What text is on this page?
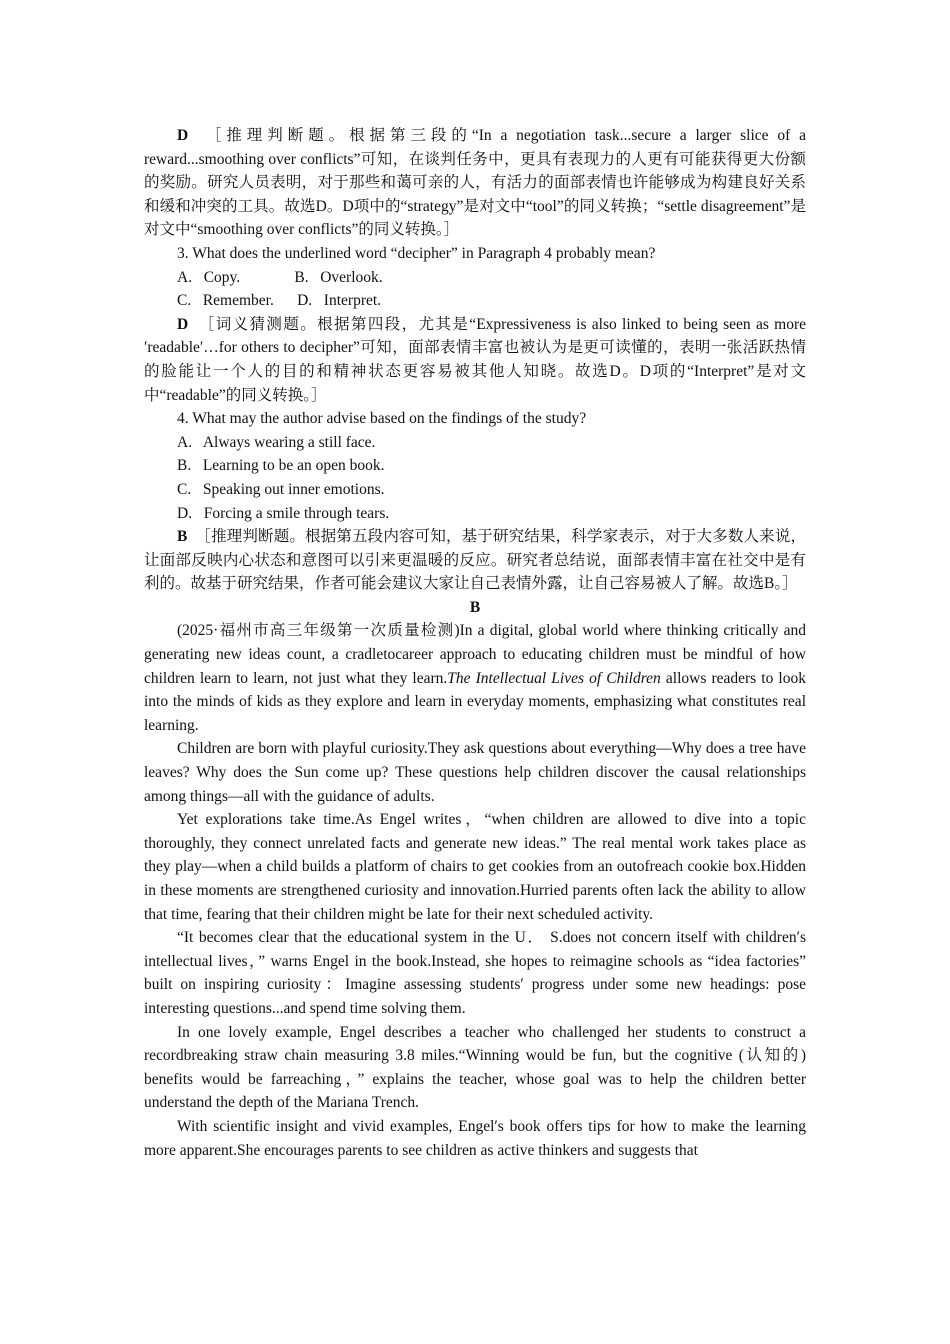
D ［推理判断题。根据第三段的“In a negotiation task...secure a larger slice of a reward...smoothing over conflicts”可知，在谈判任务中，更具有表现力的人更有可能获得更大份额的奖励。研究人员表明，对于那些和蔼可亲的人，有活力的面部表情也许能够成为构建良好关系和缓和冲突的工具。故选D。D项中的“strategy”是对文中“tool”的同义转换；“settle disagreement”是对文中“smoothing over conflicts”的同义转换。］

3. What does the underlined word “decipher” in Paragraph 4 probably mean?

A.   Copy.              B.   Overlook.

C.   Remember.      D.   Interpret.

D ［词义猜测题。根据第四段，尤其是“Expressiveness is also linked to being seen as more ′readable′…for others to decipher”可知，面部表情丰富也被认为是更可读懂的，表明一张活跃热情的脸能让一个人的目的和精神状态更容易被其他人知晓。故选D。D项的“Interpret”是对文中“readable”的同义转换。］

4. What may the author advise based on the findings of the study?

A.   Always wearing a still face.

B.   Learning to be an open book.

C.   Speaking out inner emotions.

D.   Forcing a smile through tears.

B ［推理判断题。根据第五段内容可知，基于研究结果，科学家表示，对于大多数人来说，让面部反映内心状态和意图可以引来更温暖的反应。研究者总结说，面部表情丰富在社交中是有利的。故基于研究结果，作者可能会建议大家让自己表情外露，让自己容易被人了解。故选B。］

B

(2025·福州市高三年级第一次质量检测)In a digital, global world where thinking critically and generating new ideas count, a cradletocareer approach to educating children must be mindful of how children learn to learn, not just what they learn.The Intellectual Lives of Children allows readers to look into the minds of kids as they explore and learn in everyday moments, emphasizing what constitutes real learning.

Children are born with playful curiosity.They ask questions about everything—Why does a tree have leaves? Why does the Sun come up? These questions help children discover the causal relationships among things—all with the guidance of adults.

Yet explorations take time.As Engel writes，“when children are allowed to dive into a topic thoroughly, they connect unrelated facts and generate new ideas.” The real mental work takes place as they play—when a child builds a platform of chairs to get cookies from an outofreach cookie box.Hidden in these moments are strengthened curiosity and innovation.Hurried parents often lack the ability to allow that time, fearing that their children might be late for their next scheduled activity.

“It becomes clear that the educational system in the U． S.does not concern itself with children′s intellectual lives，” warns Engel in the book.Instead, she hopes to reimagine schools as “idea factories” built on inspiring curiosity：Imagine assessing students′ progress under some new headings: pose interesting questions...and spend time solving them.

In one lovely example, Engel describes a teacher who challenged her students to construct a recordbreaking straw chain measuring 3.8 miles.“Winning would be fun, but the cognitive (认知的) benefits would be farreaching，” explains the teacher, whose goal was to help the children better understand the depth of the Mariana Trench.

With scientific insight and vivid examples, Engel′s book offers tips for how to make the learning more apparent.She encourages parents to see children as active thinkers and suggests that
